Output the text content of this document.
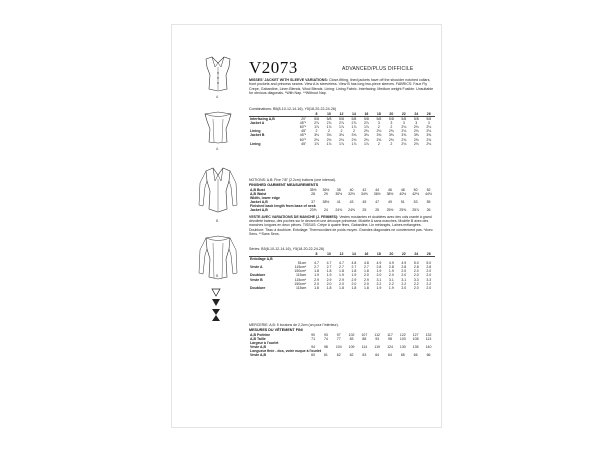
A
A
B
B
V2073	ADVANCED/PLUS DIFFICILE
MISSES' JACKET WITH SLEEVE VARIATIONS: Close-fitting, lined jackets have off the shoulder notched collars, front pockets and princess seams. View A is sleeveless. View B has long two-piece sleeves. FABRICS: Faux Fly Crepe, Gabardine, Linen Blends, Wool Blends. Lining: Lining Fabric. Interfacing: Medium weight Fusible. Unsuitable for obvious diagonals. *With Nap. **Without Nap.
Combinations: B5(8-10-12-14-16), Y5(18-20-22-24-26)
		8	10	12	14	16	18	20	22	24	26
Interfacing A,B	20"	5/8	5/8	5/8	5/8	5/8	5/8	5/8	5/8	5/8	5/8
Jacket A	45"*	2⅞	2⅞	2⅞	2⅞	2⅞	3	3	3	3	3
	60"*	1⅞	1⅞	1⅞	1⅞	1⅞	2	2	2⅛	2⅛	2⅛
Lining	45"	2	2	2	2	2⅛	2⅛	2⅛	2⅛	2⅛	2⅛
Jacket B	45"*	3⅛	3⅛	3⅛	3⅛	3⅛	3⅜	3⅜	3⅜	3⅝	3⅝
	60"*	2⅛	2⅛	2⅛	2⅛	2⅛	2⅜	2⅜	2⅜	2⅜	2⅜
Lining	45"	1⅞	1⅞	1⅞	1⅞	1⅞	2	2	2⅛	2⅛	2⅛
NOTIONS: A,B: Five 7/8" (2.2cm) buttons (one internal).
FINISHED GARMENT MEASUREMENTS
A,B Bust	35½	36½	38	40	42	44	46	48	50	52
A,B Waist	28	29	30½	32½	34½	36½	38½	40½	42½	44½
Width, lower edge										
Jacket A,B	37	38½	41	43	45	47	49	51	53	55
Finished back length from base of neck										
Jacket A,B	23⅝	24	24⅜	24⅝	25	25	25½	25⅝	25⅞	26
VESTE AVEC VARIATIONS DE MANCHE (J. FEMMES): Vestes moulantes et doublées avec des cols cranté à grand décolleté bateau, des poches sur le devant et une découpe princesse. Modèle A sans manches. Modèle B avec des manches longues en deux pièces. TISSUS: Crêpe à quatre fines, Gabardine, Lin mélangés, Laines mélangées. Doublure: Tissu à doublure. Entoilage: Thermocollant de poids moyen. Grandes diagonales ne conviennent pas. *Avec Sens. **Sans Sens.
Séries: B5(8-10-12-14-16), Y5(18-20-22-24-26)
		8	10	12	14	16	18	20	22	24	26
Entoilage A,B											
	51cm	4.7	4.7	4.7	4.8	4.8	4.9	4.9	4.9	5.0	5.0
Veste A	115cm*	2.7	2.7	2.7	2.7	2.7	2.8	2.8	2.8	2.8	2.8
	150cm*	1.8	1.8	1.8	1.8	1.8	1.9	1.9	2.0	2.0	2.0
Doublure	115cm	1.9	1.9	1.9	1.9	2.0	2.0	2.0	2.0	2.0	2.0
Veste B	115cm*	2.9	2.9	2.9	2.9	2.9	3.1	3.1	3.1	3.3	3.3
	150cm*	2.0	2.0	2.0	2.0	2.0	2.2	2.2	2.2	2.2	2.2
Doublure	115cm	1.8	1.8	1.8	1.8	1.8	1.9	1.9	2.0	2.0	2.0
MERCERIE: A,B: 5 boutons de 2,2cm (un pour l'intérieur).
MESURES DU VÊTEMENT FINI
A,B Poitrine	90	93	97	102	107	112	117	122	127	132
A,B Taille	71	74	77	83	88	93	98	103	108	113
Largeur à l'ourlet										
Veste A,B	94	98	104	109	114	119	124	130	135	140
Longueur finie - dos, votre nuque à l'ourlet										
Veste A,B	60	61	62	62	63	64	64	65	66	66
